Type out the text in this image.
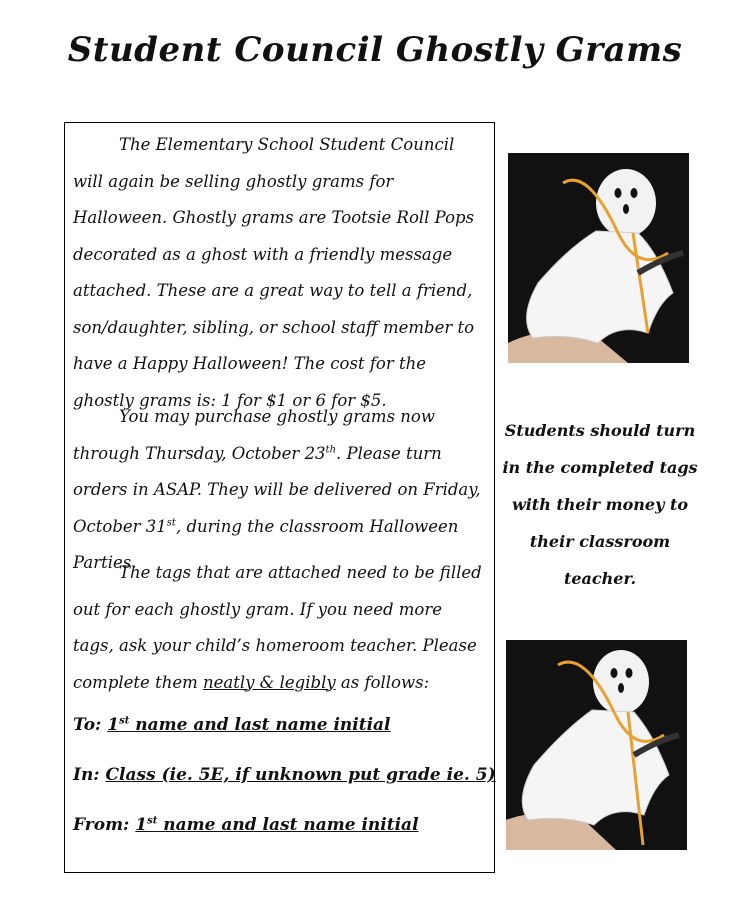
Student Council Ghostly Grams
The Elementary School Student Council will again be selling ghostly grams for Halloween. Ghostly grams are Tootsie Roll Pops decorated as a ghost with a friendly message attached. These are a great way to tell a friend, son/daughter, sibling, or school staff member to have a Happy Halloween! The cost for the ghostly grams is: 1 for $1 or 6 for $5.
You may purchase ghostly grams now through Thursday, October 23th. Please turn orders in ASAP. They will be delivered on Friday, October 31st, during the classroom Halloween Parties.
The tags that are attached need to be filled out for each ghostly gram. If you need more tags, ask your child’s homeroom teacher. Please complete them neatly & legibly as follows:
To: 1st name and last name initial
In: Class (ie. 5E, if unknown put grade ie. 5)
From: 1st name and last name initial
Students should turn in the completed tags with their money to their classroom teacher.
